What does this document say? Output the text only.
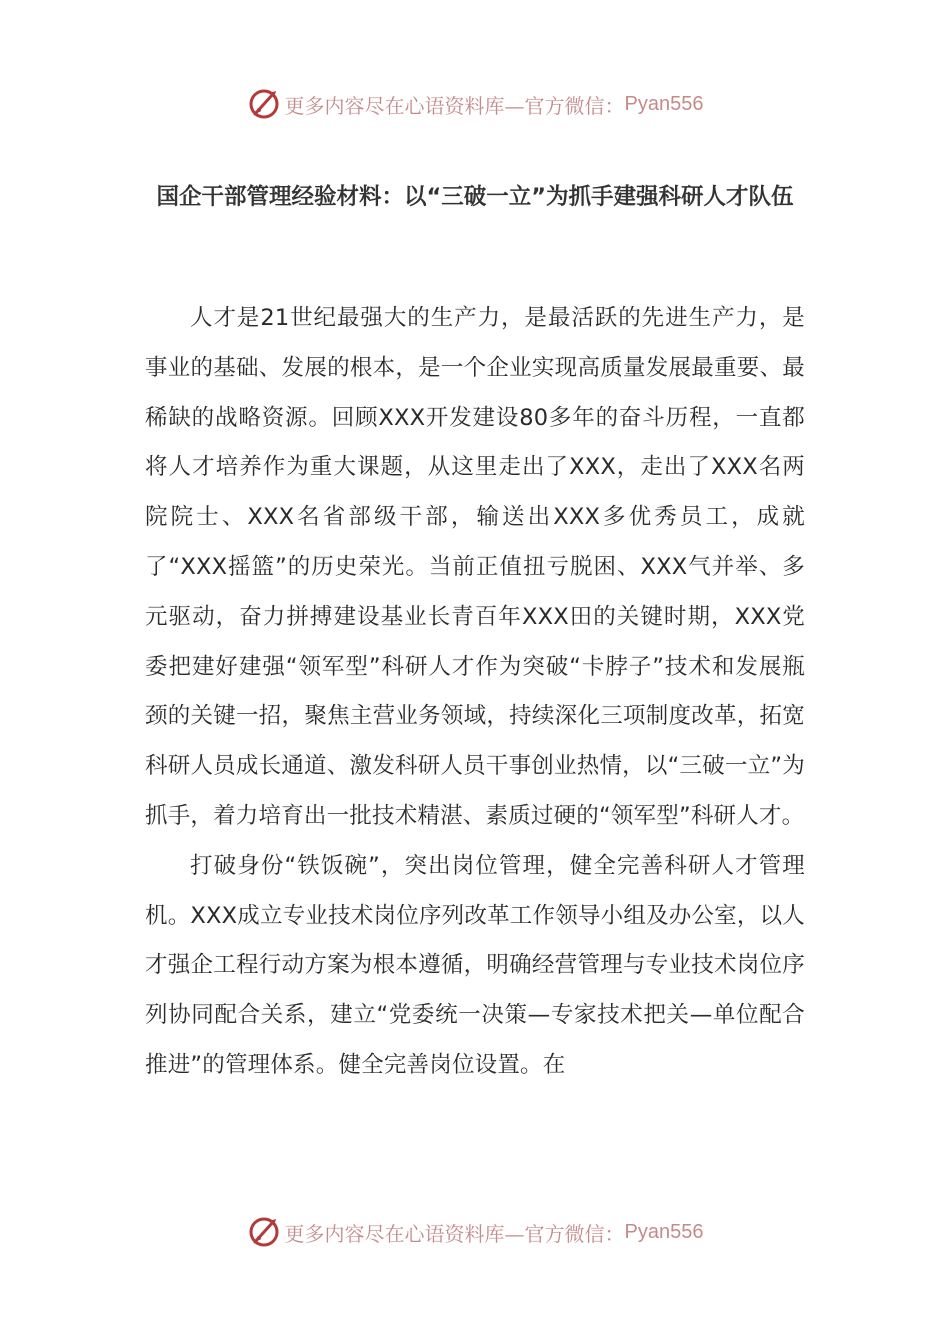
更多内容尽在心语资料库—官方微信： Pyan556
国企干部管理经验材料：以“三破一立”为抓手建强科研人才队伍

人才是21世纪最强大的生产力，是最活跃的先进生产力，是事业的基础、发展的根本，是一个企业实现高质量发展最重要、最稀缺的战略资源。回顾XXX开发建设80多年的奋斗历程，一直都将人才培养作为重大课题，从这里走出了XXX，走出了XXX名两院院士、XXX名省部级干部，输送出XXX多优秀员工，成就了“XXX摇篮”的历史荣光。当前正值扭亏脱困、XXX气并举、多元驱动，奋力拼搏建设基业长青百年XXX田的关键时期，XXX党委把建好建强“领军型”科研人才作为突破“卡脖子”技术和发展瓶颈的关键一招，聚焦主营业务领域，持续深化三项制度改革，拓宽科研人员成长通道、激发科研人员干事创业热情，以“三破一立”为抓手，着力培育出一批技术精湛、素质过硬的“领军型”科研人才。

打破身份“铁饭碗”，突出岗位管理，健全完善科研人才管理机。XXX成立专业技术岗位序列改革工作领导小组及办公室，以人才强企工程行动方案为根本遵循，明确经营管理与专业技术岗位序列协同配合关系，建立“党委统一决策—专家技术把关—单位配合推进”的管理体系。健全完善岗位设置。在

更多内容尽在心语资料库—官方微信： Pyan556
